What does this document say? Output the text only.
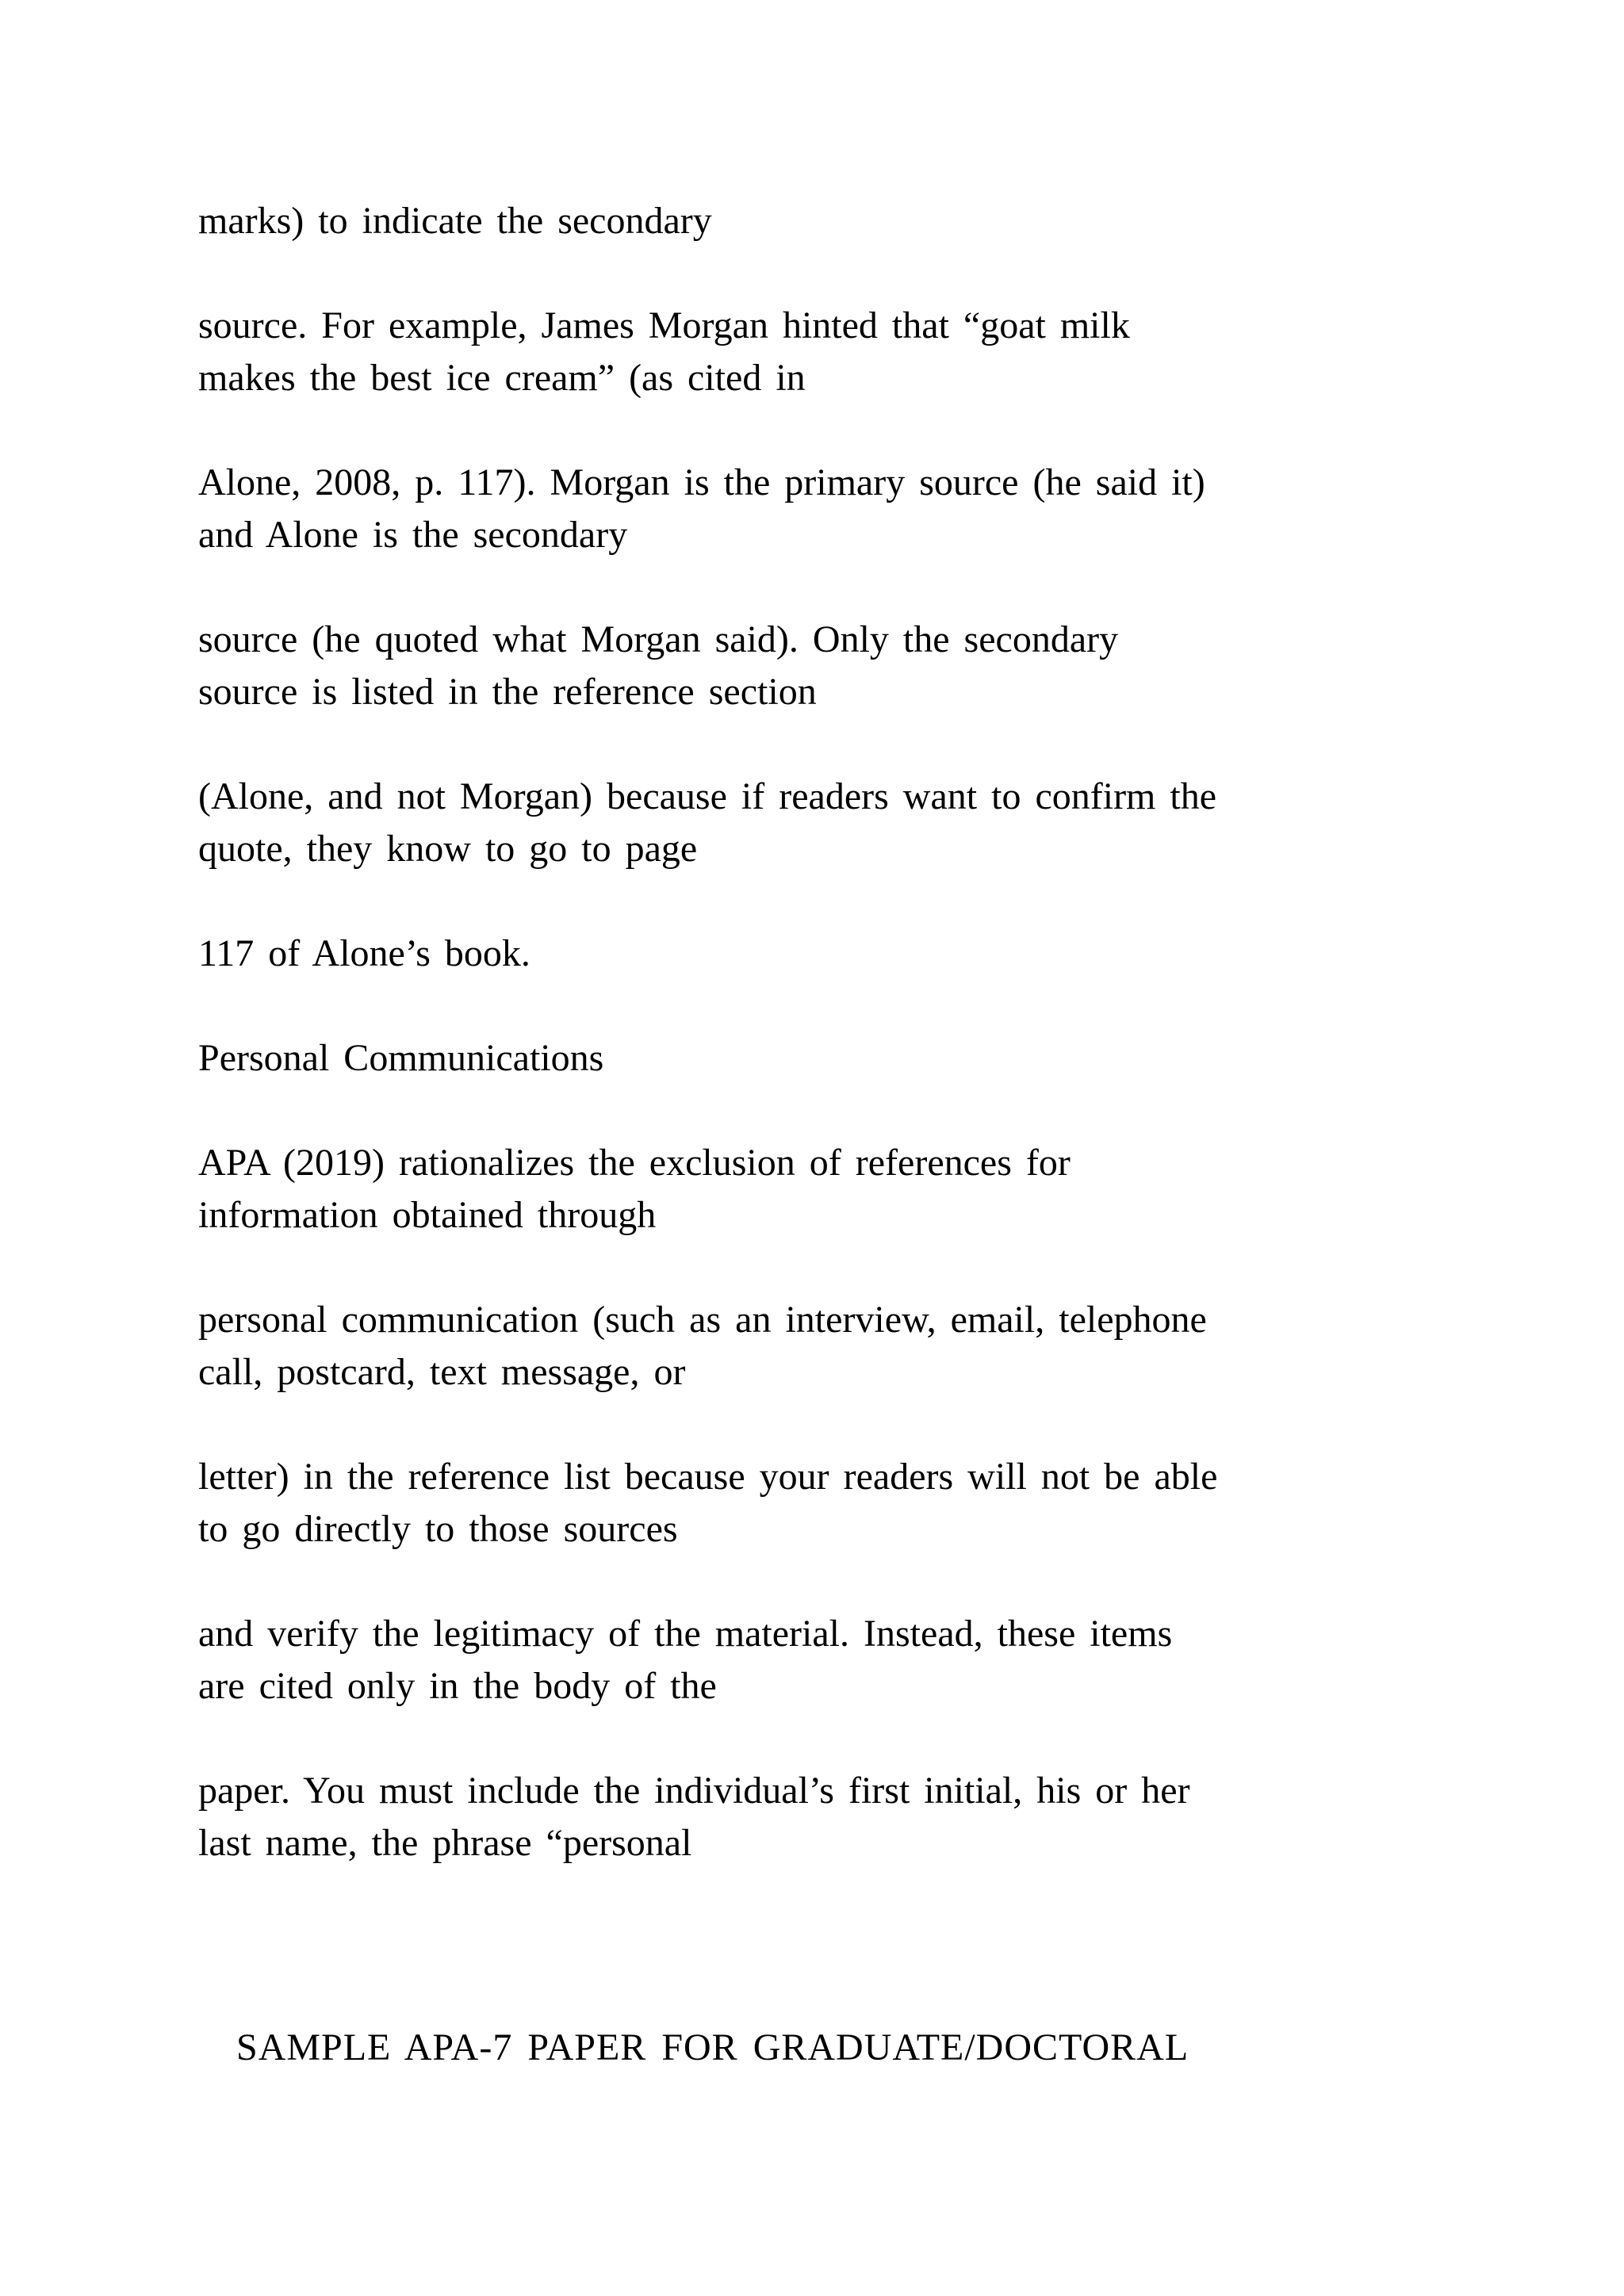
marks) to indicate the secondary

source. For example, James Morgan hinted that “goat milk
makes the best ice cream” (as cited in

Alone, 2008, p. 117). Morgan is the primary source (he said it)
and Alone is the secondary

source (he quoted what Morgan said). Only the secondary
source is listed in the reference section

(Alone, and not Morgan) because if readers want to confirm the
quote, they know to go to page

117 of Alone’s book.

Personal Communications

APA (2019) rationalizes the exclusion of references for
information obtained through

personal communication (such as an interview, email, telephone
call, postcard, text message, or

letter) in the reference list because your readers will not be able
to go directly to those sources

and verify the legitimacy of the material. Instead, these items
are cited only in the body of the

paper. You must include the individual’s first initial, his or her
last name, the phrase “personal

SAMPLE APA-7 PAPER FOR GRADUATE/DOCTORAL
